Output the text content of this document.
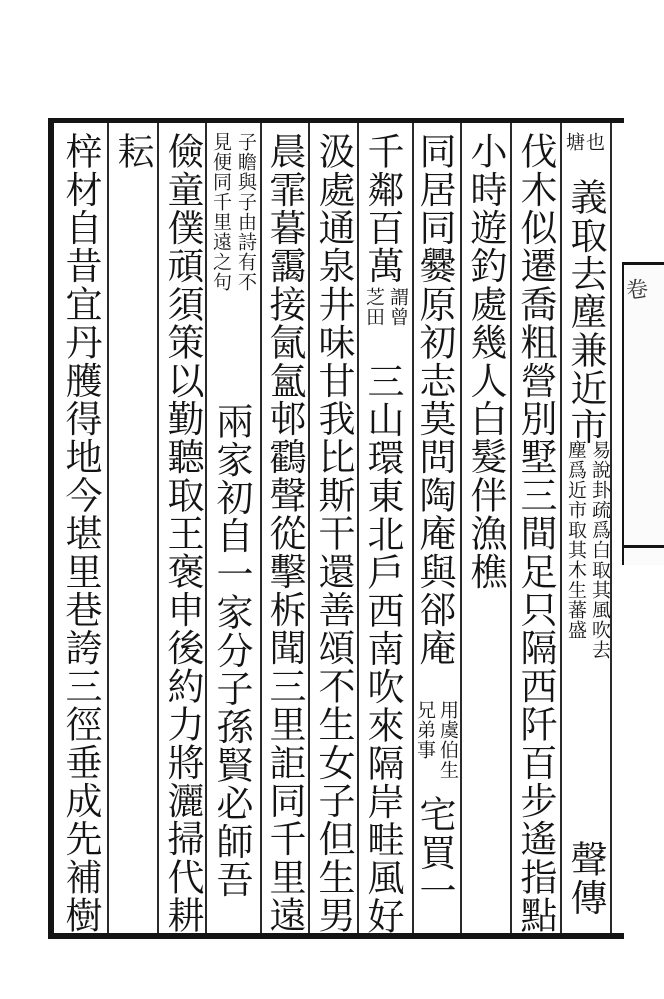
卷
塘
也
義取去塵兼近市
易說卦疏爲白取其風吹去
塵爲近市取其木生蕃盛
聲傳
伐木似遷喬粗營別墅三間足只隔西阡百步遙指點
小時遊釣處幾人白髮伴漁樵
同居同爨原初志莫問陶庵與郤庵
用虞伯生
兄弟事
宅買一
千鄰百萬
謂曾
芝田
三山環東北戶西南吹來隔岸畦風好
汲處通泉井味甘我比斯干還善頌不生女子但生男
晨霏暮靄接氤氳邨鸖聲從擊柝聞三里詎同千里遠
子瞻與子由詩有不
見便同千里遠之句
兩家初自一家分子孫賢必師吾
儉童僕頑須策以勤聽取王褒申後約力將灑掃代耕
耘
梓材自昔宜丹雘得地今堪里巷誇三徑垂成先補樹
